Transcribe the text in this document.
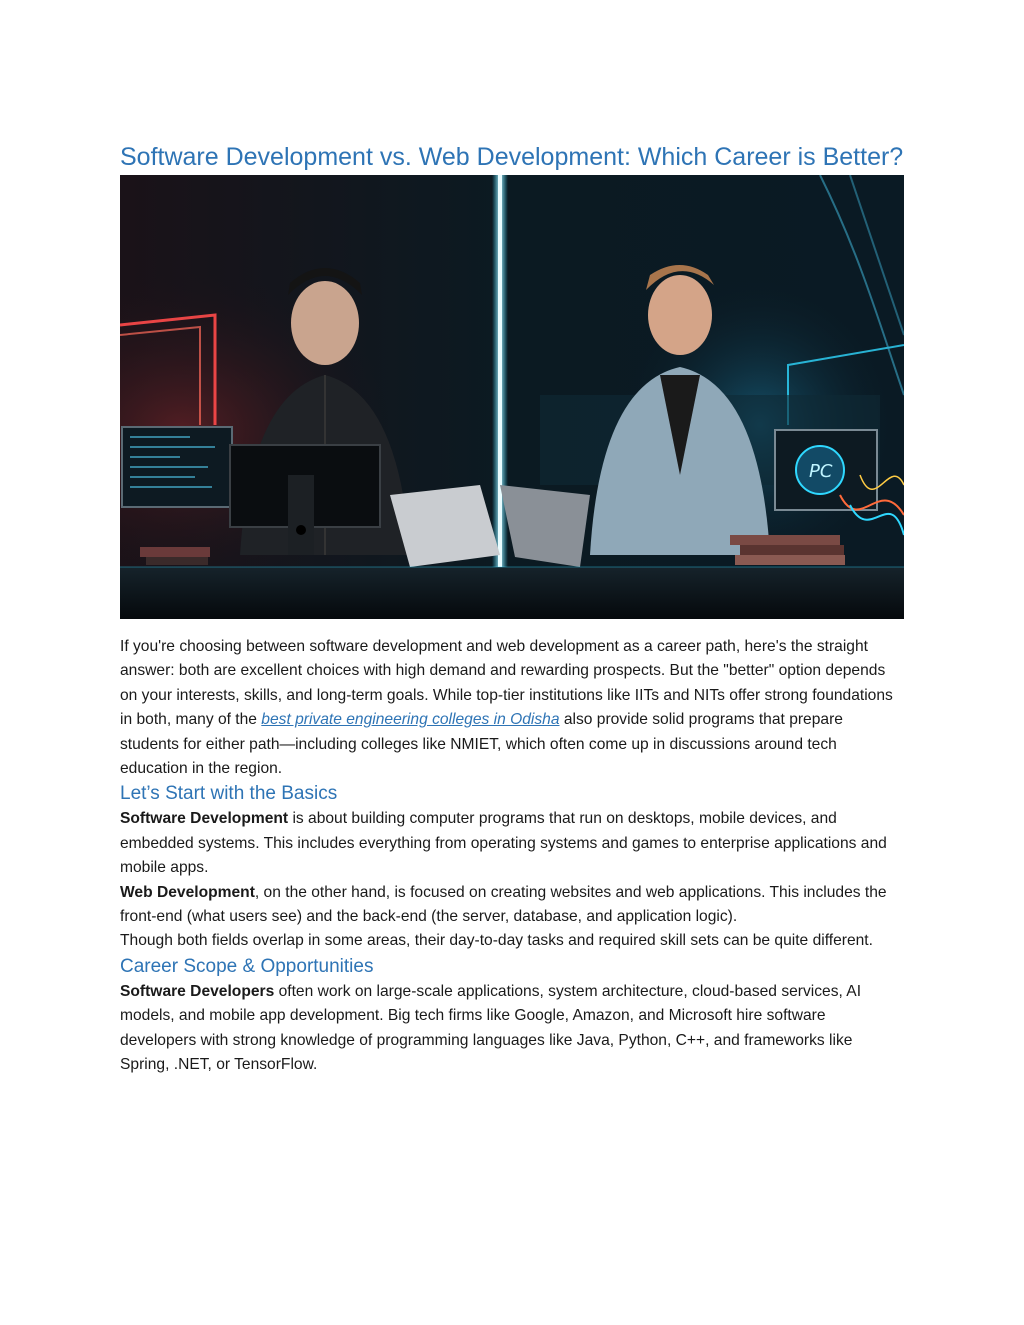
Software Development vs. Web Development: Which Career is Better?
PC

If you're choosing between software development and web development as a career path, here's the straight answer: both are excellent choices with high demand and rewarding prospects. But the "better" option depends on your interests, skills, and long-term goals. While top-tier institutions like IITs and NITs offer strong foundations in both, many of the best private engineering colleges in Odisha also provide solid programs that prepare students for either path—including colleges like NMIET, which often come up in discussions around tech education in the region.

Let’s Start with the Basics

Software Development is about building computer programs that run on desktops, mobile devices, and embedded systems. This includes everything from operating systems and games to enterprise applications and mobile apps.

Web Development, on the other hand, is focused on creating websites and web applications. This includes the front-end (what users see) and the back-end (the server, database, and application logic).

Though both fields overlap in some areas, their day-to-day tasks and required skill sets can be quite different.

Career Scope & Opportunities

Software Developers often work on large-scale applications, system architecture, cloud-based services, AI models, and mobile app development. Big tech firms like Google, Amazon, and Microsoft hire software developers with strong knowledge of programming languages like Java, Python, C++, and frameworks like Spring, .NET, or TensorFlow.
